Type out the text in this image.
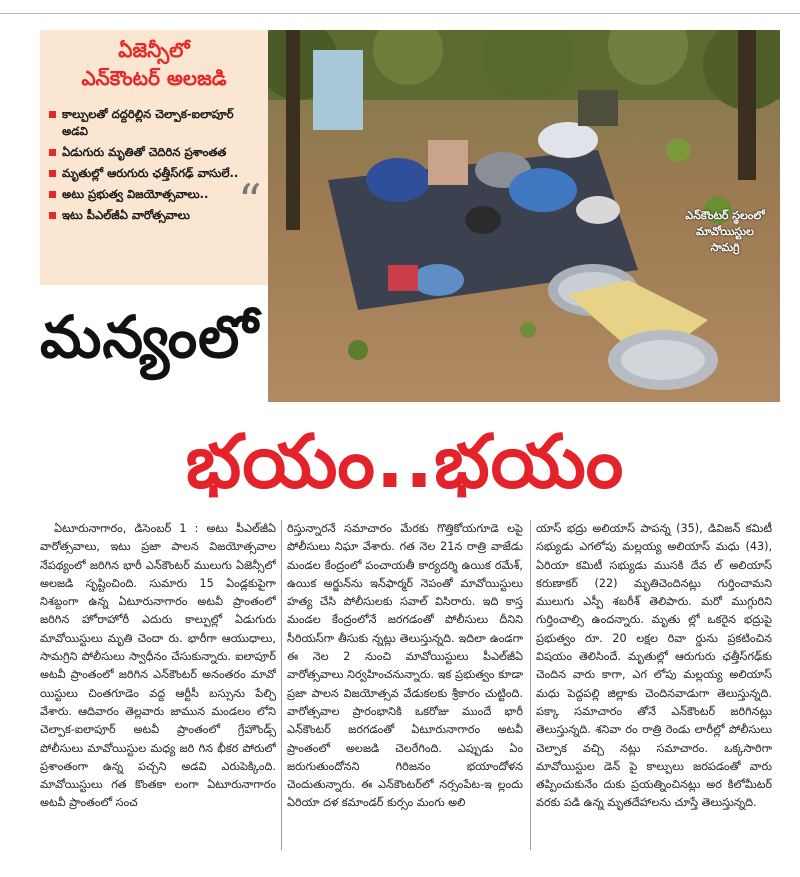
ఏజెన్సీలో
ఎన్‌కౌంటర్ అలజడి
కాల్పులతో దద్దరిల్లిన చెల్పాక-ఐలాపూర్ అడవి
ఏడుగురు మృతితో చెదిరిన ప్రశాంతత
మృతుల్లో ఆరుగురు ఛత్తీస్‌గఢ్ వాసులే..
అటు ప్రభుత్వ విజయోత్సవాలు..
ఇటు పీఎల్‌జీఏ వారోత్సవాలు	“	ఎన్‌కౌంటర్ స్థలంలో మావోయిస్టుల సామగ్రి
మన్యంలో
భయం..భయం

ఏటూరునాగారం, డిసెంబర్ 1 : అటు పీఎల్‌జీఏ వారోత్సవాలు, ఇటు ప్రజా పాలన విజయోత్సవాల నేపథ్యంలో జరిగిన భారీ ఎన్‌కౌంటర్ ములుగు ఏజెన్సీలో అలజడి సృష్టించింది. సుమారు 15 ఏండ్లకుపైగా నిశబ్దంగా ఉన్న ఏటూరునాగారం అటవీ ప్రాంతంలో జరిగిన హోరాహోరీ ఎదురు కాల్పుల్లో ఏడుగురు మావోయిస్టులు మృతి చెందా రు. భారీగా ఆయుధాలు, సామగ్రిని పోలీసులు స్వాధీనం చేసుకున్నారు. ఐలాపూర్ అటవీ ప్రాంతంలో జరిగిన ఎన్‌కౌంటర్ అనంతరం మావో యిస్టులు చింతగూడెం వద్ద ఆర్టీసీ బస్సును పేల్చి వేశారు. ఆదివారం తెల్లవారు జామున మండలం లోని చెల్పాక-ఐలాపూర్ అటవీ ప్రాంతంలో గ్రేహౌండ్స్ పోలీసులు మావోయిస్టుల మధ్య జరి గిన భీకర పోరులో ప్రశాంతంగా ఉన్న పచ్చని అడవి ఎరుపెక్కింది. మావోయిస్టులు గత కొంతకా లంగా ఏటూరునాగారం అటవీ ప్రాంతంలో సంచ

రిస్తున్నారనే సమాచారం మేరకు గొత్తికోయగూడె లపై పోలీసులు నిఘా వేశారు. గత నెల 21న రాత్రి వాజేడు మండల కేంద్రంలో పంచాయతీ కార్యదర్శి ఉయిక రమేశ్, ఉయిక అర్జున్‌ను ఇన్‌ఫార్మర్ నెపంతో మావోయిస్టులు హత్య చేసి పోలీసులకు సవాల్ విసిరారు. ఇది కాస్త మండల కేంద్రంలోనే జరగడంతో పోలీసులు దీనిని సీరియస్‌గా తీసుకు న్నట్లు తెలుస్తున్నది. ఇదిలా ఉండగా ఈ నెల 2 నుంచి మావోయిస్టులు పీఎల్‌జీఏ వారోత్సవాలు నిర్వహించనున్నారు. ఇక ప్రభుత్వం కూడా ప్రజా పాలన విజయోత్సవ వేడుకలకు శ్రీకారం చుట్టింది. వారోత్సవాల ప్రారంభానికి ఒకరోజు ముందే భారీ ఎన్‌కౌంటర్ జరగడంతో ఏటూరునాగారం అటవీ ప్రాంతంలో అలజడి చెలరేగింది. ఎప్పుడు ఏం జరుగుతుందోనని గిరిజనం భయాందోళన చెందుతున్నారు. ఈ ఎన్‌కౌంటర్‌లో నర్సంపేట-ఇ ల్లందు ఏరియా దళ కమాండర్ కుర్సం మంగు అలి

యాస్ భద్రు అలియాస్ పాపన్న (35), డివిజన్ కమిటీ సభ్యుడు ఎగలోపు మల్లయ్య అలియాస్ మధు (43), ఏరియా కమిటీ సభ్యుడు ముసకి దేవ ల్ అలియాస్ కరుణాకర్ (22) మృతిచెందినట్లు గుర్తించామని ములుగు ఎస్పీ శబరీశ్ తెలిపారు. మరో ముగ్గురిని గుర్తించాల్సి ఉందన్నారు. మృతు ల్లో ఒకరైన భద్రుపై ప్రభుత్వం రూ. 20 లక్షల రివా ర్డును ప్రకటించిన విషయం తెలిసిందే. మృతుల్లో ఆరుగురు ఛత్తీస్‌గఢ్‌కు చెందిన వారు కాగా, ఎగ లోపు మల్లయ్య అలియాస్ మధు పెద్దపల్లి జిల్లాకు చెందినవాడుగా తెలుస్తున్నది. పక్కా సమాచారం తోనే ఎన్‌కౌంటర్ జరిగినట్లు తెలుస్తున్నది. శనివా రం రాత్రి రెండు లారీల్లో పోలీసులు చెల్పాక వచ్చి నట్లు సమాచారం. ఒక్కసారిగా మావోయిస్టుల డెన్ పై కాల్పులు జరపడంతో వారు తప్పించుకునేం దుకు ప్రయత్నించినట్లు అర కిలోమీటర్ వరకు పడి ఉన్న మృతదేహాలను చూస్తే తెలుస్తున్నది.
